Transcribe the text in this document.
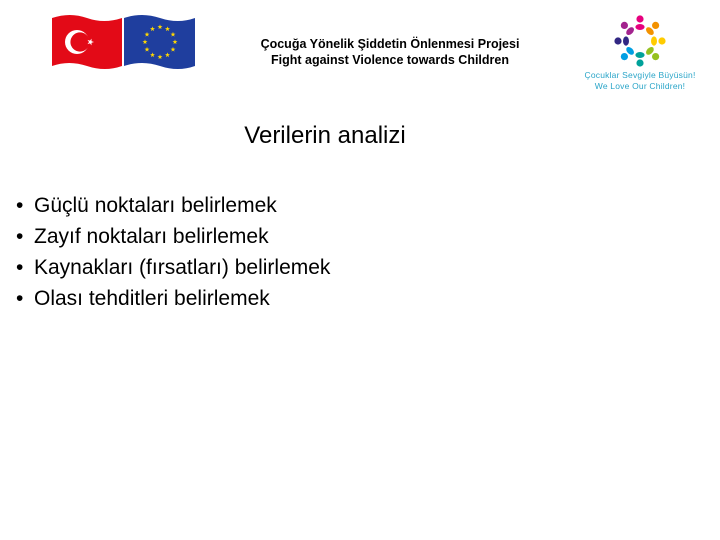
Çocuğa Yönelik Şiddetin Önlenmesi Projesi
Fight against Violence towards Children
Çocuklar Sevgiyle Büyüsün!
We Love Our Children!
Verilerin analizi
• Güçlü noktaları belirlemek
• Zayıf noktaları belirlemek
• Kaynakları (fırsatları) belirlemek
• Olası tehditleri belirlemek
